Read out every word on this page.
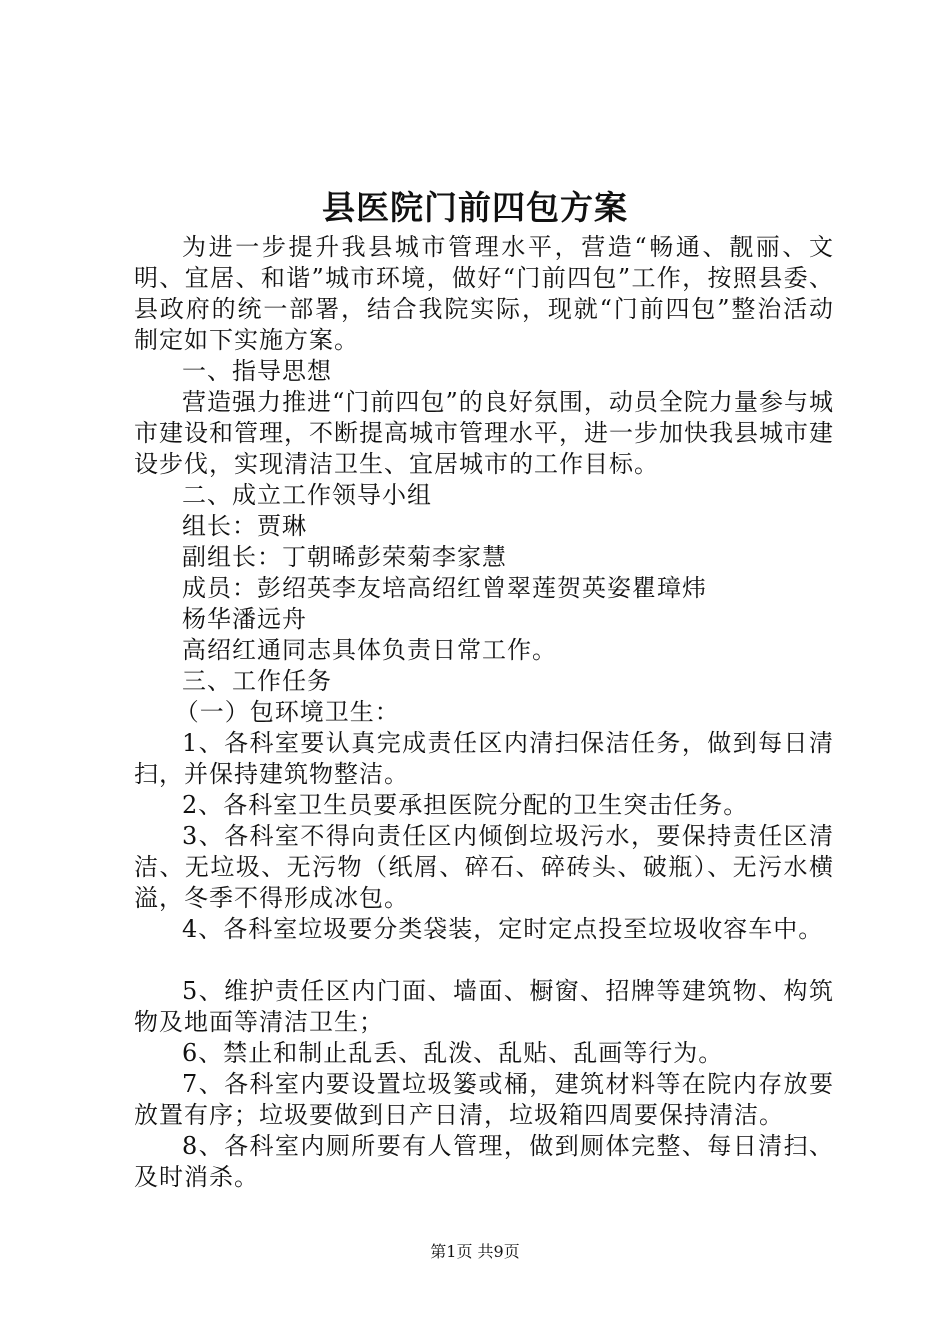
县医院门前四包方案

为进一步提升我县城市管理水平，营造“畅通、靓丽、文明、宜居、和谐”城市环境，做好“门前四包”工作，按照县委、县政府的统一部署，结合我院实际，现就“门前四包”整治活动制定如下实施方案。

一、指导思想

营造强力推进“门前四包”的良好氛围，动员全院力量参与城市建设和管理，不断提高城市管理水平，进一步加快我县城市建设步伐，实现清洁卫生、宜居城市的工作目标。

二、成立工作领导小组

组长：贾琳

副组长：丁朝晞彭荣菊李家慧

成员：彭绍英李友培高绍红曾翠莲贺英姿瞿璋炜

杨华潘远舟

高绍红通同志具体负责日常工作。

三、工作任务

（一）包环境卫生：

1、各科室要认真完成责任区内清扫保洁任务，做到每日清扫，并保持建筑物整洁。

2、各科室卫生员要承担医院分配的卫生突击任务。

3、各科室不得向责任区内倾倒垃圾污水，要保持责任区清洁、无垃圾、无污物（纸屑、碎石、碎砖头、破瓶）、无污水横溢，冬季不得形成冰包。

4、各科室垃圾要分类袋装，定时定点投至垃圾收容车中。

5、维护责任区内门面、墙面、橱窗、招牌等建筑物、构筑物及地面等清洁卫生；

6、禁止和制止乱丢、乱泼、乱贴、乱画等行为。

7、各科室内要设置垃圾篓或桶，建筑材料等在院内存放要放置有序；垃圾要做到日产日清，垃圾箱四周要保持清洁。

8、各科室内厕所要有人管理，做到厕体完整、每日清扫、及时消杀。

第1页 共9页
